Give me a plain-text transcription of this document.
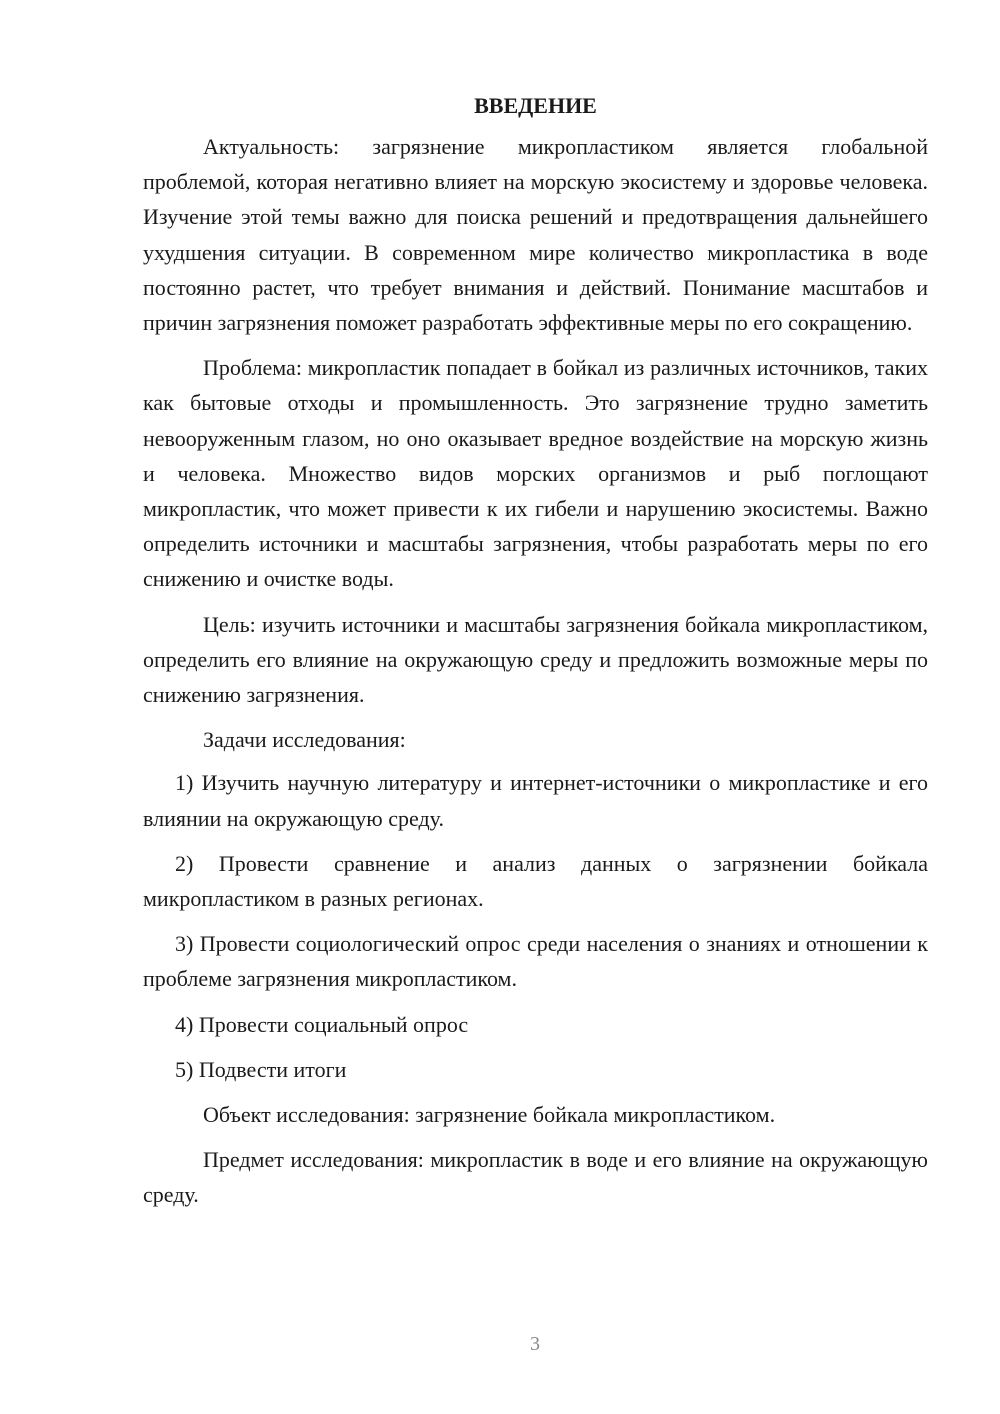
ВВЕДЕНИЕ

Актуальность: загрязнение микропластиком является глобальной проблемой, которая негативно влияет на морскую экосистему и здоровье человека. Изучение этой темы важно для поиска решений и предотвращения дальнейшего ухудшения ситуации. В современном мире количество микропластика в воде постоянно растет, что требует внимания и действий. Понимание масштабов и причин загрязнения поможет разработать эффективные меры по его сокращению.

Проблема: микропластик попадает в бойкал из различных источников, таких как бытовые отходы и промышленность. Это загрязнение трудно заметить невооруженным глазом, но оно оказывает вредное воздействие на морскую жизнь и человека. Множество видов морских организмов и рыб поглощают микропластик, что может привести к их гибели и нарушению экосистемы. Важно определить источники и масштабы загрязнения, чтобы разработать меры по его снижению и очистке воды.

Цель: изучить источники и масштабы загрязнения бойкала микропластиком, определить его влияние на окружающую среду и предложить возможные меры по снижению загрязнения.

Задачи исследования:

1) Изучить научную литературу и интернет-источники о микропластике и его влиянии на окружающую среду.

2) Провести сравнение и анализ данных о загрязнении бойкала микропластиком в разных регионах.

3) Провести социологический опрос среди населения о знаниях и отношении к проблеме загрязнения микропластиком.

4) Провести социальный опрос

5) Подвести итоги

Объект исследования: загрязнение бойкала микропластиком.

Предмет исследования: микропластик в воде и его влияние на окружающую среду.

3
